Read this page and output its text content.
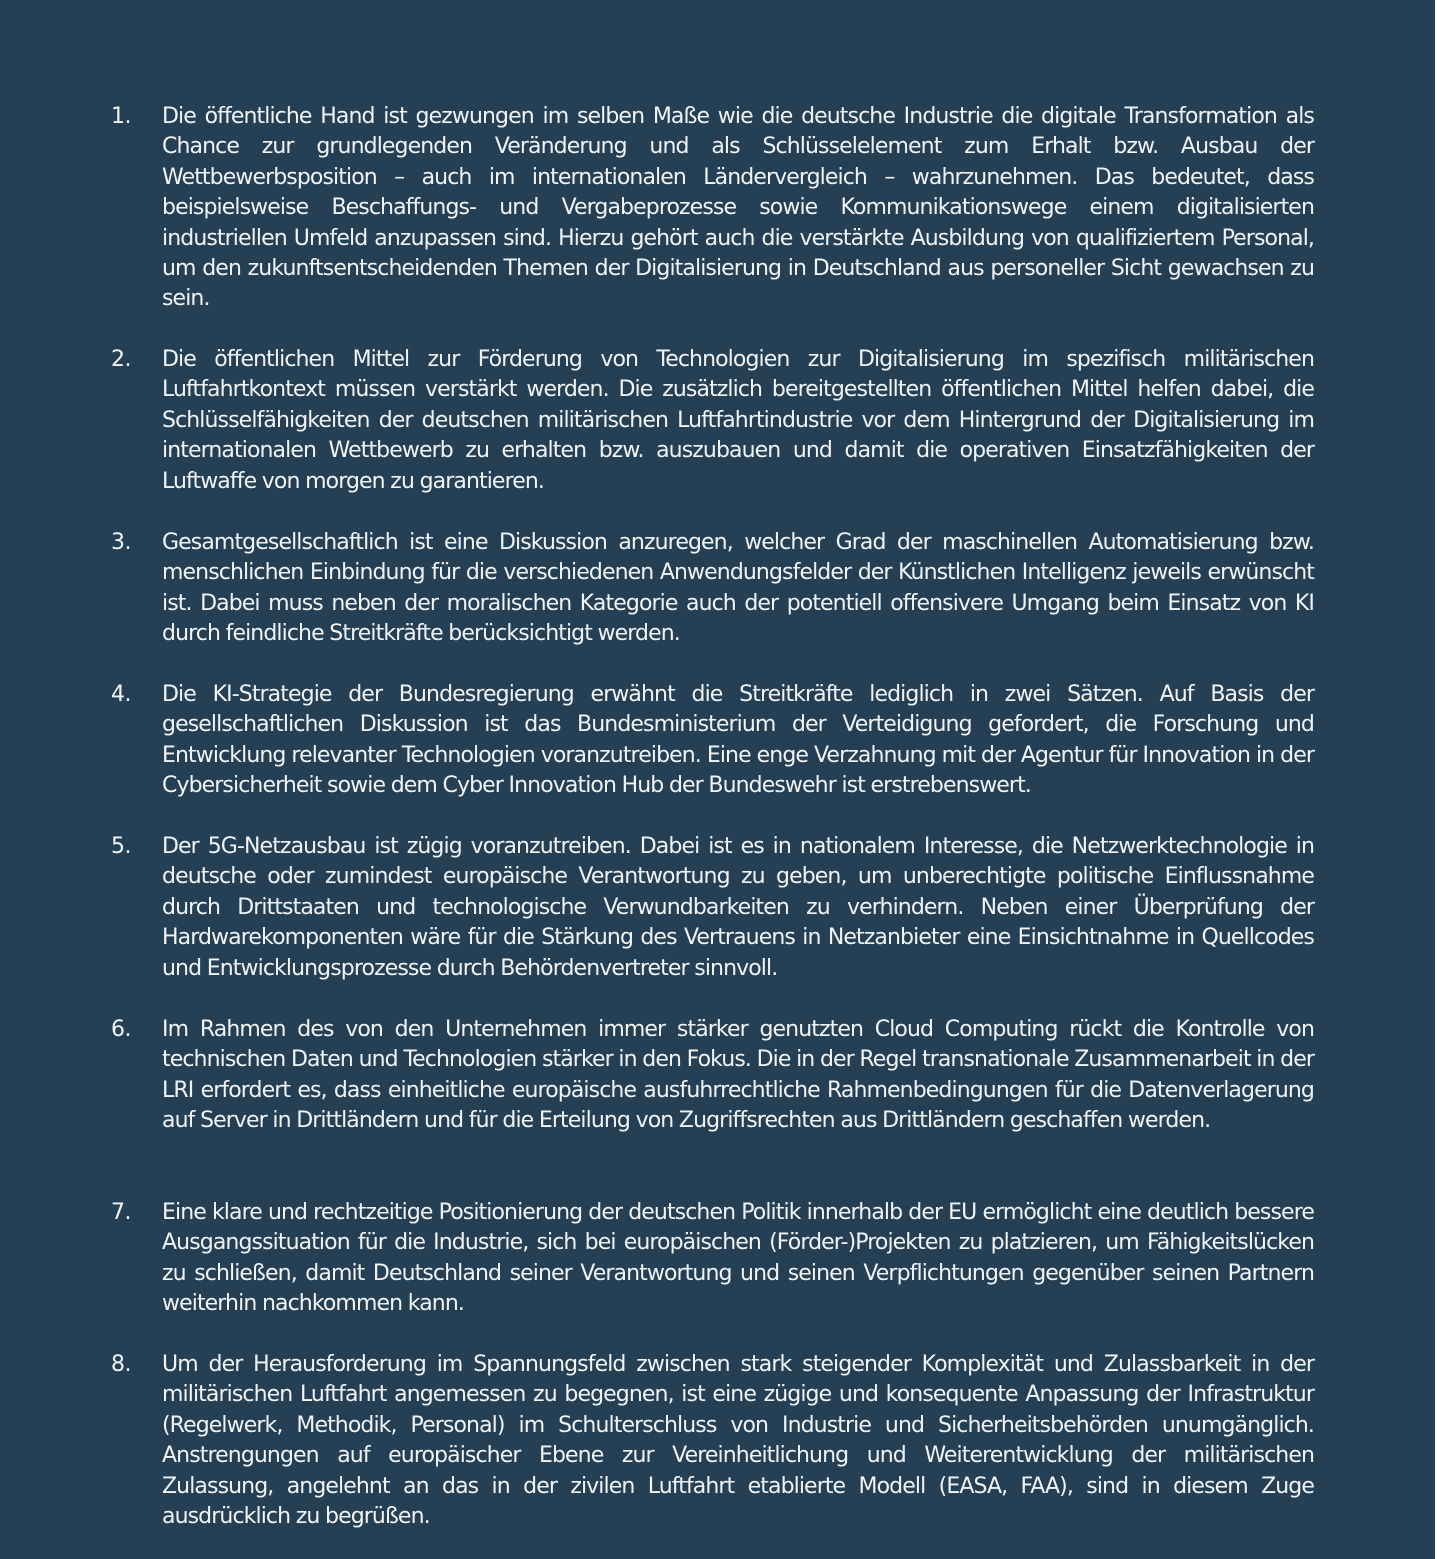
1.	Die öffentliche Hand ist gezwungen im selben Maße wie die deutsche Industrie die digitale Transformation als Chance zur grundlegenden Veränderung und als Schlüsselelement zum Erhalt bzw. Ausbau der Wettbewerbsposition – auch im internationalen Ländervergleich – wahrzunehmen. Das bedeutet, dass beispielsweise Beschaffungs- und Vergabeprozesse sowie Kommunikationswege einem digitalisierten industriellen Umfeld anzupassen sind. Hierzu gehört auch die verstärkte Ausbildung von qualifiziertem Personal, um den zukunftsentscheidenden Themen der Digitalisierung in Deutschland aus personeller Sicht gewachsen zu sein.
2.	Die öffentlichen Mittel zur Förderung von Technologien zur Digitalisierung im spezifisch militärischen Luftfahrtkontext müssen verstärkt werden. Die zusätzlich bereitgestellten öffentlichen Mittel helfen dabei, die Schlüsselfähigkeiten der deutschen militärischen Luftfahrtindustrie vor dem Hintergrund der Digitalisierung im internationalen Wettbewerb zu erhalten bzw. auszubauen und damit die operativen Einsatzfähigkeiten der Luftwaffe von morgen zu garantieren.
3.	Gesamtgesellschaftlich ist eine Diskussion anzuregen, welcher Grad der maschinellen Automatisierung bzw. menschlichen Einbindung für die verschiedenen Anwendungsfelder der Künstlichen Intelligenz jeweils erwünscht ist. Dabei muss neben der moralischen Kategorie auch der potentiell offensivere Umgang beim Einsatz von KI durch feindliche Streitkräfte berücksichtigt werden.
4.	Die KI-Strategie der Bundesregierung erwähnt die Streitkräfte lediglich in zwei Sätzen. Auf Basis der gesellschaftlichen Diskussion ist das Bundesministerium der Verteidigung gefordert, die Forschung und Entwicklung relevanter Technologien voranzutreiben. Eine enge Verzahnung mit der Agentur für Innovation in der Cybersicherheit sowie dem Cyber Innovation Hub der Bundeswehr ist erstrebenswert.
5.	Der 5G-Netzausbau ist zügig voranzutreiben. Dabei ist es in nationalem Interesse, die Netzwerktechnologie in deutsche oder zumindest europäische Verantwortung zu geben, um unberechtigte politische Einflussnahme durch Drittstaaten und technologische Verwundbarkeiten zu verhindern. Neben einer Überprüfung der Hardwarekomponenten wäre für die Stärkung des Vertrauens in Netzanbieter eine Einsichtnahme in Quellcodes und Entwicklungsprozesse durch Behördenvertreter sinnvoll.
6.	Im Rahmen des von den Unternehmen immer stärker genutzten Cloud Computing rückt die Kontrolle von technischen Daten und Technologien stärker in den Fokus. Die in der Regel transnationale Zusammenarbeit in der LRI erfordert es, dass einheitliche europäische ausfuhrrechtliche Rahmenbedingungen für die Datenverlagerung auf Server in Drittländern und für die Erteilung von Zugriffsrechten aus Drittländern geschaffen werden.
7.	Eine klare und rechtzeitige Positionierung der deutschen Politik innerhalb der EU ermöglicht eine deutlich bessere Ausgangssituation für die Industrie, sich bei europäischen (Förder-)Projekten zu platzieren, um Fähigkeitslücken zu schließen, damit Deutschland seiner Verantwortung und seinen Verpflichtungen gegenüber seinen Partnern weiterhin nachkommen kann.
8.	Um der Herausforderung im Spannungsfeld zwischen stark steigender Komplexität und Zulassbarkeit in der militärischen Luftfahrt angemessen zu begegnen, ist eine zügige und konsequente Anpassung der Infrastruktur (Regelwerk, Methodik, Personal) im Schulterschluss von Industrie und Sicherheitsbehörden unumgänglich. Anstrengungen auf europäischer Ebene zur Vereinheitlichung und Weiterentwicklung der militärischen Zulassung, angelehnt an das in der zivilen Luftfahrt etablierte Modell (EASA, FAA), sind in diesem Zuge ausdrücklich zu begrüßen.
